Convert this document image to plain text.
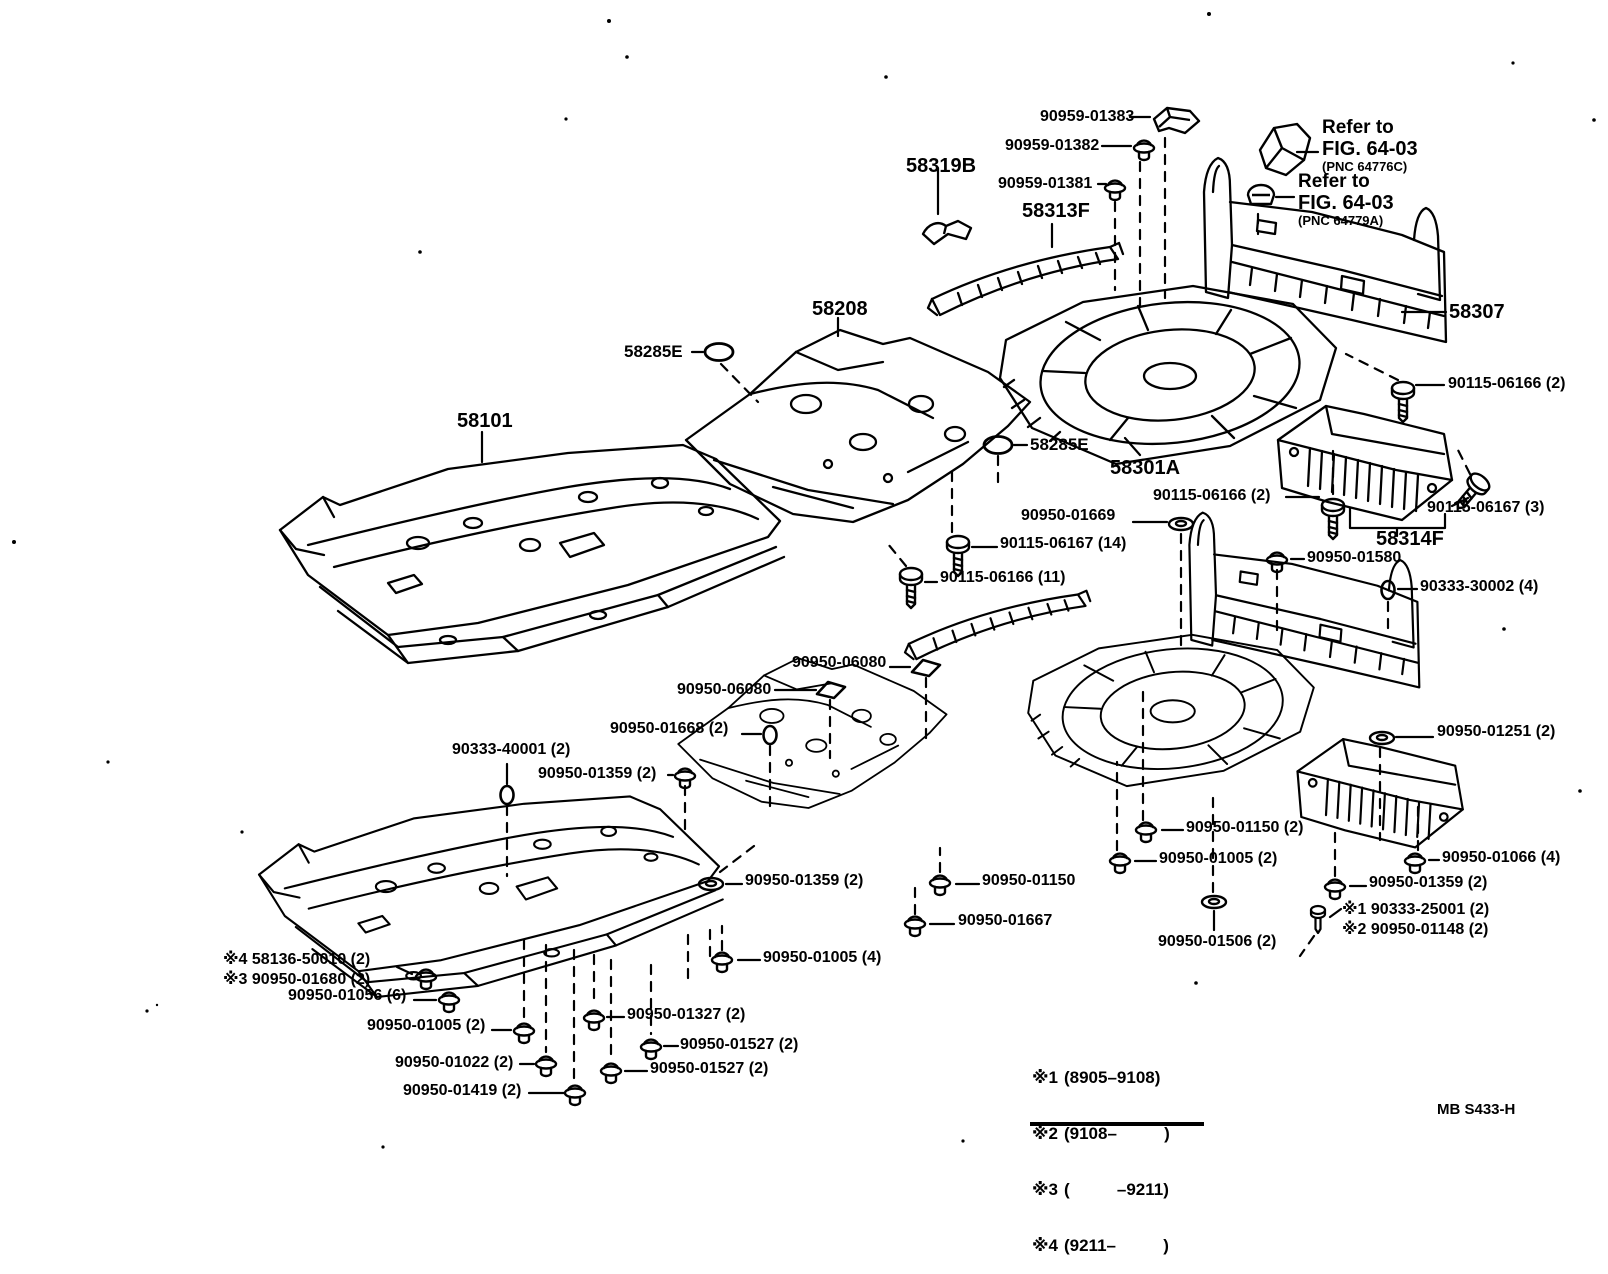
90959-01383
90959-01382
Refer to
FIG. 64-03
(PNC 64776C)
Refer to
FIG. 64-03
(PNC 64779A)
58319B
90959-01381
58313F
58208
58285E
58307
58101
90115-06166 (2)
58285E
58301A
90115-06166 (2)
90115-06167 (3)
58314F
90950-01669
90115-06167 (14)
90950-01580
90115-06166 (11)
90333-30002 (4)
90950-06080
90950-06080
90950-01668 (2)
90333-40001 (2)
90950-01359 (2)
90950-01251 (2)
90950-01150 (2)
90950-01005 (2)	90950-01066 (4)
90950-01359 (2)
※1 90333-25001 (2)
※2 90950-01148 (2)
90950-01506 (2)
90950-01359 (2)	90950-01150
90950-01667
90950-01005 (4)
※4 58136-50010 (2)
※3 90950-01680 (2)
90950-01056 (6)
90950-01005 (2)
90950-01022 (2)
90950-01419 (2)
90950-01327 (2)
90950-01527 (2)
90950-01527 (2)

	※1 (8905–9108)

※2 (9108–          )

※3 (          –9211)

※4 (9211–          )

MB S433-H
